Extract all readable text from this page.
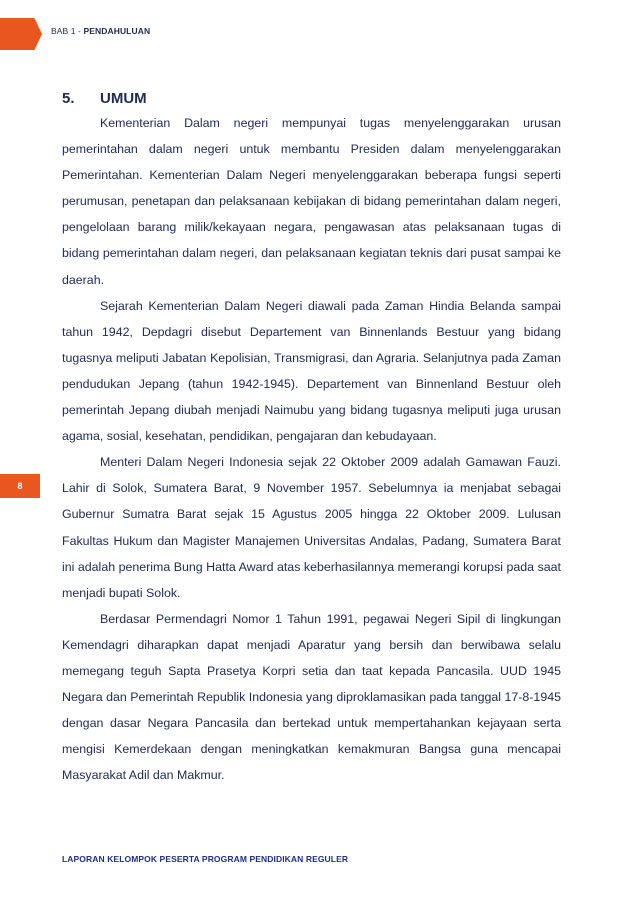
BAB 1 - PENDAHULUAN
8
5.	UMUM

Kementerian Dalam negeri mempunyai tugas menyelenggarakan urusan pemerintahan dalam negeri untuk membantu Presiden dalam menyelenggarakan Pemerintahan. Kementerian Dalam Negeri menyelenggarakan beberapa fungsi seperti perumusan, penetapan dan pelaksanaan kebijakan di bidang pemerintahan dalam negeri, pengelolaan barang milik/kekayaan negara, pengawasan atas pelaksanaan tugas di bidang pemerintahan dalam negeri, dan pelaksanaan kegiatan teknis dari pusat sampai ke daerah.

Sejarah Kementerian Dalam Negeri diawali pada Zaman Hindia Belanda sampai tahun 1942, Depdagri disebut Departement van Binnenlands Bestuur yang bidang tugasnya meliputi Jabatan Kepolisian, Transmigrasi, dan Agraria. Selanjutnya pada Zaman pendudukan Jepang (tahun 1942-1945). Departement van Binnenland Bestuur oleh pemerintah Jepang diubah menjadi Naimubu yang bidang tugasnya meliputi juga urusan agama, sosial, kesehatan, pendidikan, pengajaran dan kebudayaan.

Menteri Dalam Negeri Indonesia sejak 22 Oktober 2009 adalah Gamawan Fauzi. Lahir di Solok, Sumatera Barat, 9 November 1957. Sebelumnya ia menjabat sebagai Gubernur Sumatra Barat sejak 15 Agustus 2005 hingga 22 Oktober 2009. Lulusan Fakultas Hukum dan Magister Manajemen Universitas Andalas, Padang, Sumatera Barat ini adalah penerima Bung Hatta Award atas keberhasilannya memerangi korupsi pada saat menjadi bupati Solok.

Berdasar Permendagri Nomor 1 Tahun 1991, pegawai Negeri Sipil di lingkungan Kemendagri diharapkan dapat menjadi Aparatur yang bersih dan berwibawa selalu memegang teguh Sapta Prasetya Korpri setia dan taat kepada Pancasila. UUD 1945 Negara dan Pemerintah Republik Indonesia yang diproklamasikan pada tanggal 17-8-1945 dengan dasar Negara Pancasila dan bertekad untuk mempertahankan kejayaan serta mengisi Kemerdekaan dengan meningkatkan kemakmuran Bangsa guna mencapai Masyarakat Adil dan Makmur.

LAPORAN KELOMPOK PESERTA PROGRAM PENDIDIKAN REGULER
